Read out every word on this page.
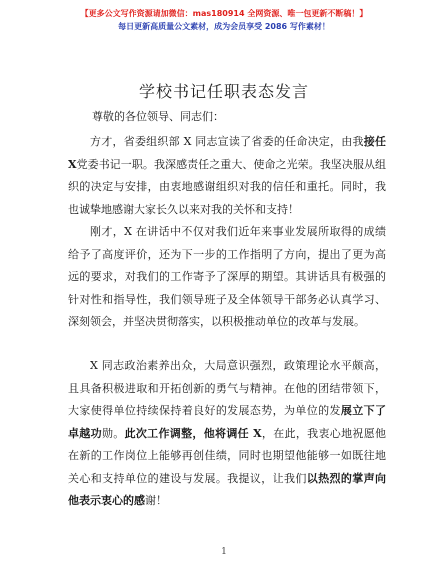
【更多公文写作资源请加微信：mas180914 全网资源、唯一包更新不断稿！】
每日更新高质量公文素材，成为会员享受 2086 写作素材！
学校书记任职表态发言
尊敬的各位领导、同志们：
方才，省委组织部 X 同志宣读了省委的任命决定，由我接任 X党委书记一职。我深感责任之重大、使命之光荣。我坚决服从组织的决定与安排，由衷地感谢组织对我的信任和重托。同时，我也诚挚地感谢大家长久以来对我的关怀和支持！
刚才，X 在讲话中不仅对我们近年来事业发展所取得的成绩给予了高度评价，还为下一步的工作指明了方向，提出了更为高远的要求，对我们的工作寄予了深厚的期望。其讲话具有极强的针对性和指导性，我们领导班子及全体领导干部务必认真学习、深刻领会，并坚决贯彻落实，以积极推动单位的改革与发展。
X 同志政治素养出众，大局意识强烈，政策理论水平颇高，且具备积极进取和开拓创新的勇气与精神。在他的团结带领下，大家使得单位持续保持着良好的发展态势，为单位的发展立下了卓越功勋。此次工作调整，他将调任 X，在此，我衷心地祝愿他在新的工作岗位上能够再创佳绩，同时也期望他能够一如既往地关心和支持单位的建设与发展。我提议，让我们以热烈的掌声向他表示衷心的感谢！
1
